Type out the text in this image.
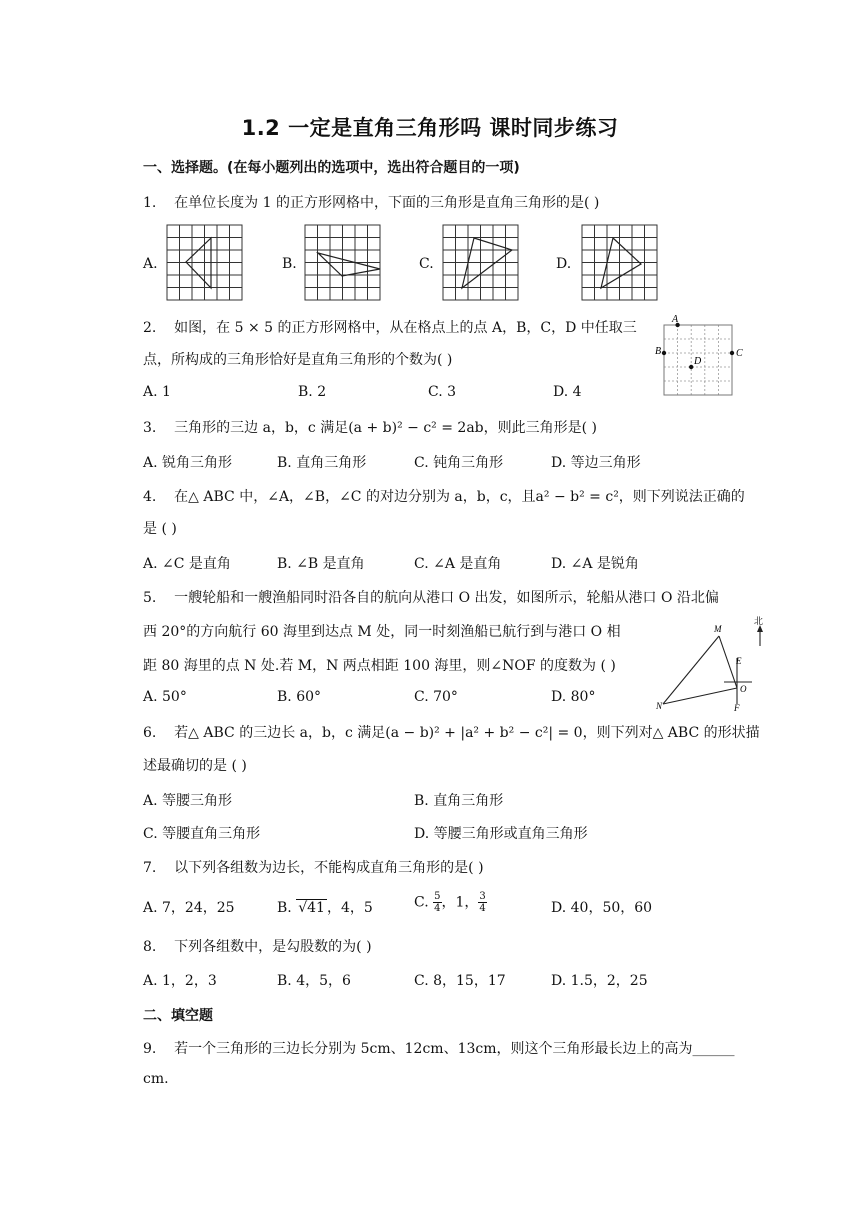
1.2 一定是直角三角形吗 课时同步练习
一、选择题。(在每小题列出的选项中，选出符合题目的一项)
1. 在单位长度为 1 的正方形网格中，下面的三角形是直角三角形的是( )
A.	B.	C.	D.
2. 如图，在 5 × 5 的正方形网格中，从在格点上的点 A，B，C，D 中任取三
点，所构成的三角形恰好是直角三角形的个数为( )
A. 1	B. 2	C. 3	D. 4
A
B	C
D
3. 三角形的三边 a，b，c 满足(a + b)² − c² = 2ab，则此三角形是( )
A. 锐角三角形	B. 直角三角形	C. 钝角三角形	D. 等边三角形
4. 在△ ABC 中，∠A，∠B，∠C 的对边分别为 a，b，c，且a² − b² = c²，则下列说法正确的
是 ( )
A. ∠C 是直角	B. ∠B 是直角	C. ∠A 是直角	D. ∠A 是锐角
5. 一艘轮船和一艘渔船同时沿各自的航向从港口 O 出发，如图所示，轮船从港口 O 沿北偏
西 20°的方向航行 60 海里到达点 M 处，同一时刻渔船已航行到与港口 O 相
距 80 海里的点 N 处.若 M，N 两点相距 100 海里，则∠NOF 的度数为 ( )
A. 50°	B. 60°	C. 70°	D. 80°
北
M
E
O
F
N
6. 若△ ABC 的三边长 a，b，c 满足(a − b)² + |a² + b² − c²| = 0，则下列对△ ABC 的形状描
述最确切的是 ( )
A. 等腰三角形	B. 直角三角形
C. 等腰直角三角形	D. 等腰三角形或直角三角形
7. 以下列各组数为边长，不能构成直角三角形的是( )
A. 7，24，25	B. √41 ，4，5	C. $\frac{5}{4}$ ，1， $\frac{3}{4}$	D. 40，50，60
8. 下列各组数中，是勾股数的为( )
A. 1，2，3	B. 4，5，6	C. 8，15，17	D. 1.5，2，25
二、填空题
9. 若一个三角形的三边长分别为 5cm、12cm、13cm，则这个三角形最长边上的高为______
cm.
